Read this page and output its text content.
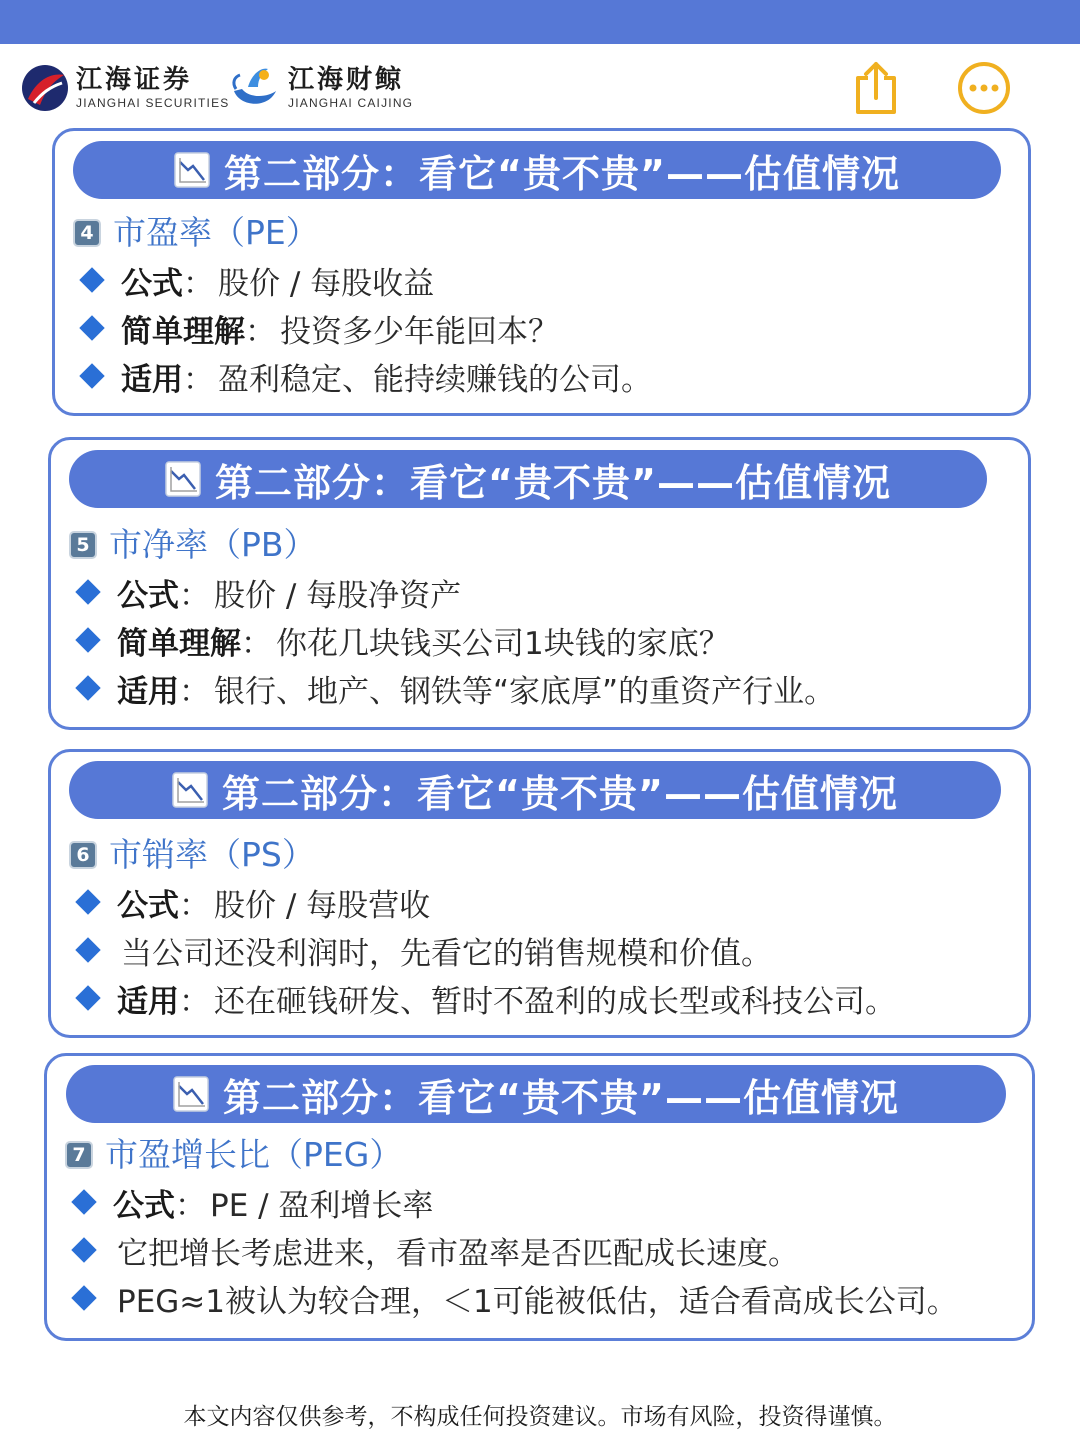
江海证券
JIANGHAI SECURITIES
江海财鲸
JIANGHAI CAIJING
第二部分：看它“贵不贵”——估值情况
4 市盈率（PE）
公式 ： 股价 / 每股收益
简单理解 ： 投资多少年能回本？
适用 ： 盈利稳定、能持续赚钱的公司。
第二部分：看它“贵不贵”——估值情况
5 市净率（PB）
公式 ： 股价 / 每股净资产
简单理解 ： 你花几块钱买公司1块钱的家底？
适用 ： 银行、地产、钢铁等“家底厚”的重资产行业。
第二部分：看它“贵不贵”——估值情况
6 市销率（PS）
公式 ： 股价 / 每股营收
当公司还没利润时，先看它的销售规模和价值。
适用 ： 还在砸钱研发、暂时不盈利的成长型或科技公司。
第二部分：看它“贵不贵”——估值情况
7 市盈增长比（PEG）
公式 ： PE / 盈利增长率
它把增长考虑进来，看市盈率是否匹配成长速度。
PEG≈1被认为较合理，＜1可能被低估，适合看高成长公司。
本文内容仅供参考，不构成任何投资建议。市场有风险，投资得谨慎。
